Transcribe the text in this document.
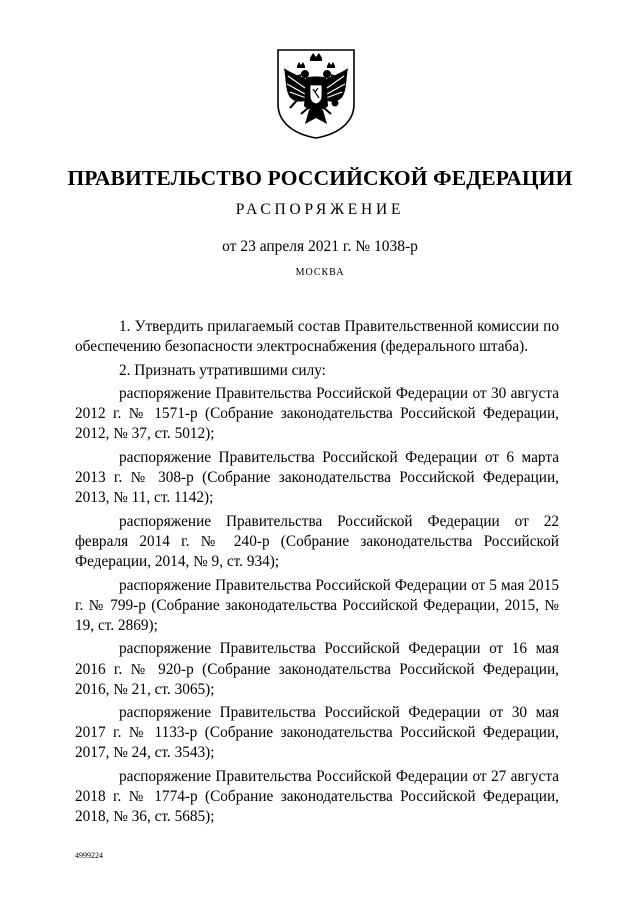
ПРАВИТЕЛЬСТВО РОССИЙСКОЙ ФЕДЕРАЦИИ
РАСПОРЯЖЕНИЕ
от 23 апреля 2021 г. № 1038-р
МОСКВА

1. Утвердить прилагаемый состав Правительственной комиссии по обеспечению безопасности электроснабжения (федерального штаба).

2. Признать утратившими силу:

распоряжение Правительства Российской Федерации от 30 августа 2012 г. № 1571-р (Собрание законодательства Российской Федерации, 2012, № 37, ст. 5012);

распоряжение Правительства Российской Федерации от 6 марта 2013 г. № 308-р (Собрание законодательства Российской Федерации, 2013, № 11, ст. 1142);

распоряжение Правительства Российской Федерации от 22 февраля 2014 г. № 240-р (Собрание законодательства Российской Федерации, 2014, № 9, ст. 934);

распоряжение Правительства Российской Федерации от 5 мая 2015 г. № 799-р (Собрание законодательства Российской Федерации, 2015, № 19, ст. 2869);

распоряжение Правительства Российской Федерации от 16 мая 2016 г. № 920-р (Собрание законодательства Российской Федерации, 2016, № 21, ст. 3065);

распоряжение Правительства Российской Федерации от 30 мая 2017 г. № 1133-р (Собрание законодательства Российской Федерации, 2017, № 24, ст. 3543);

распоряжение Правительства Российской Федерации от 27 августа 2018 г. № 1774-р (Собрание законодательства Российской Федерации, 2018, № 36, ст. 5685);

4999224
